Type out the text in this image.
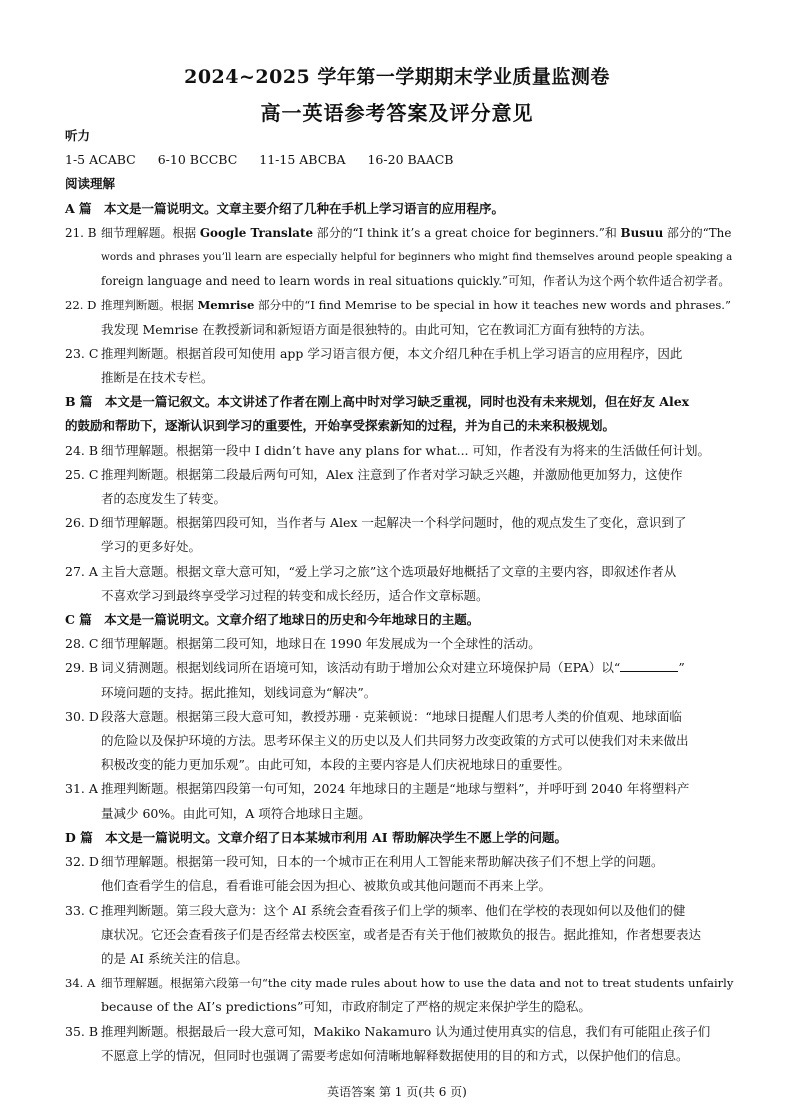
2024~2025 学年第一学期期末学业质量监测卷
高一英语参考答案及评分意见
听力
1-5 ACABC 6-10 BCCBC 11-15 ABCBA 16-20 BAACB
阅读理解
A 篇　本文是一篇说明文。文章主要介绍了几种在手机上学习语言的应用程序。
21. B 细节理解题。根据 Google Translate 部分的“I think it’s a great choice for beginners.”和 Busuu 部分的“The
words and phrases you’ll learn are especially helpful for beginners who might find themselves around people speaking a
foreign language and need to learn words in real situations quickly.”可知，作者认为这个两个软件适合初学者。
22. D 推理判断题。根据 Memrise 部分中的“I find Memrise to be special in how it teaches new words and phrases.”
我发现 Memrise 在教授新词和新短语方面是很独特的。由此可知，它在教词汇方面有独特的方法。
23. C 推理判断题。根据首段可知使用 app 学习语言很方便，本文介绍几种在手机上学习语言的应用程序，因此
推断是在技术专栏。
B 篇　本文是一篇记叙文。本文讲述了作者在刚上高中时对学习缺乏重视，同时也没有未来规划，但在好友 Alex
的鼓励和帮助下，逐渐认识到学习的重要性，开始享受探索新知的过程，并为自己的未来积极规划。
24. B 细节理解题。根据第一段中 I didn’t have any plans for what... 可知，作者没有为将来的生活做任何计划。
25. C 推理判断题。根据第二段最后两句可知，Alex 注意到了作者对学习缺乏兴趣，并激励他更加努力，这使作
者的态度发生了转变。
26. D 细节理解题。根据第四段可知，当作者与 Alex 一起解决一个科学问题时，他的观点发生了变化，意识到了
学习的更多好处。
27. A 主旨大意题。根据文章大意可知，“爱上学习之旅”这个选项最好地概括了文章的主要内容，即叙述作者从
不喜欢学习到最终享受学习过程的转变和成长经历，适合作文章标题。
C 篇　本文是一篇说明文。文章介绍了地球日的历史和今年地球日的主题。
28. C 细节理解题。根据第二段可知，地球日在 1990 年发展成为一个全球性的活动。
29. B 词义猜测题。根据划线词所在语境可知，该活动有助于增加公众对建立环境保护局（EPA）以“	”
环境问题的支持。据此推知，划线词意为“解决”。
30. D 段落大意题。根据第三段大意可知，教授苏珊 · 克莱顿说：“地球日提醒人们思考人类的价值观、地球面临
的危险以及保护环境的方法。思考环保主义的历史以及人们共同努力改变政策的方式可以使我们对未来做出
积极改变的能力更加乐观”。由此可知，本段的主要内容是人们庆祝地球日的重要性。
31. A 推理判断题。根据第四段第一句可知，2024 年地球日的主题是“地球与塑料”，并呼吁到 2040 年将塑料产
量减少 60%。由此可知，A 项符合地球日主题。
D 篇　本文是一篇说明文。文章介绍了日本某城市利用 AI 帮助解决学生不愿上学的问题。
32. D 细节理解题。根据第一段可知，日本的一个城市正在利用人工智能来帮助解决孩子们不想上学的问题。
他们查看学生的信息，看看谁可能会因为担心、被欺负或其他问题而不再来上学。
33. C 推理判断题。第三段大意为：这个 AI 系统会查看孩子们上学的频率、他们在学校的表现如何以及他们的健
康状况。它还会查看孩子们是否经常去校医室，或者是否有关于他们被欺负的报告。据此推知，作者想要表达
的是 AI 系统关注的信息。
34. A 细节理解题。根据第六段第一句“the city made rules about how to use the data and not to treat students unfairly
because of the AI’s predictions”可知，市政府制定了严格的规定来保护学生的隐私。
35. B 推理判断题。根据最后一段大意可知，Makiko Nakamuro 认为通过使用真实的信息，我们有可能阻止孩子们
不愿意上学的情况，但同时也强调了需要考虑如何清晰地解释数据使用的目的和方式，以保护他们的信息。
英语答案 第 1 页(共 6 页)
